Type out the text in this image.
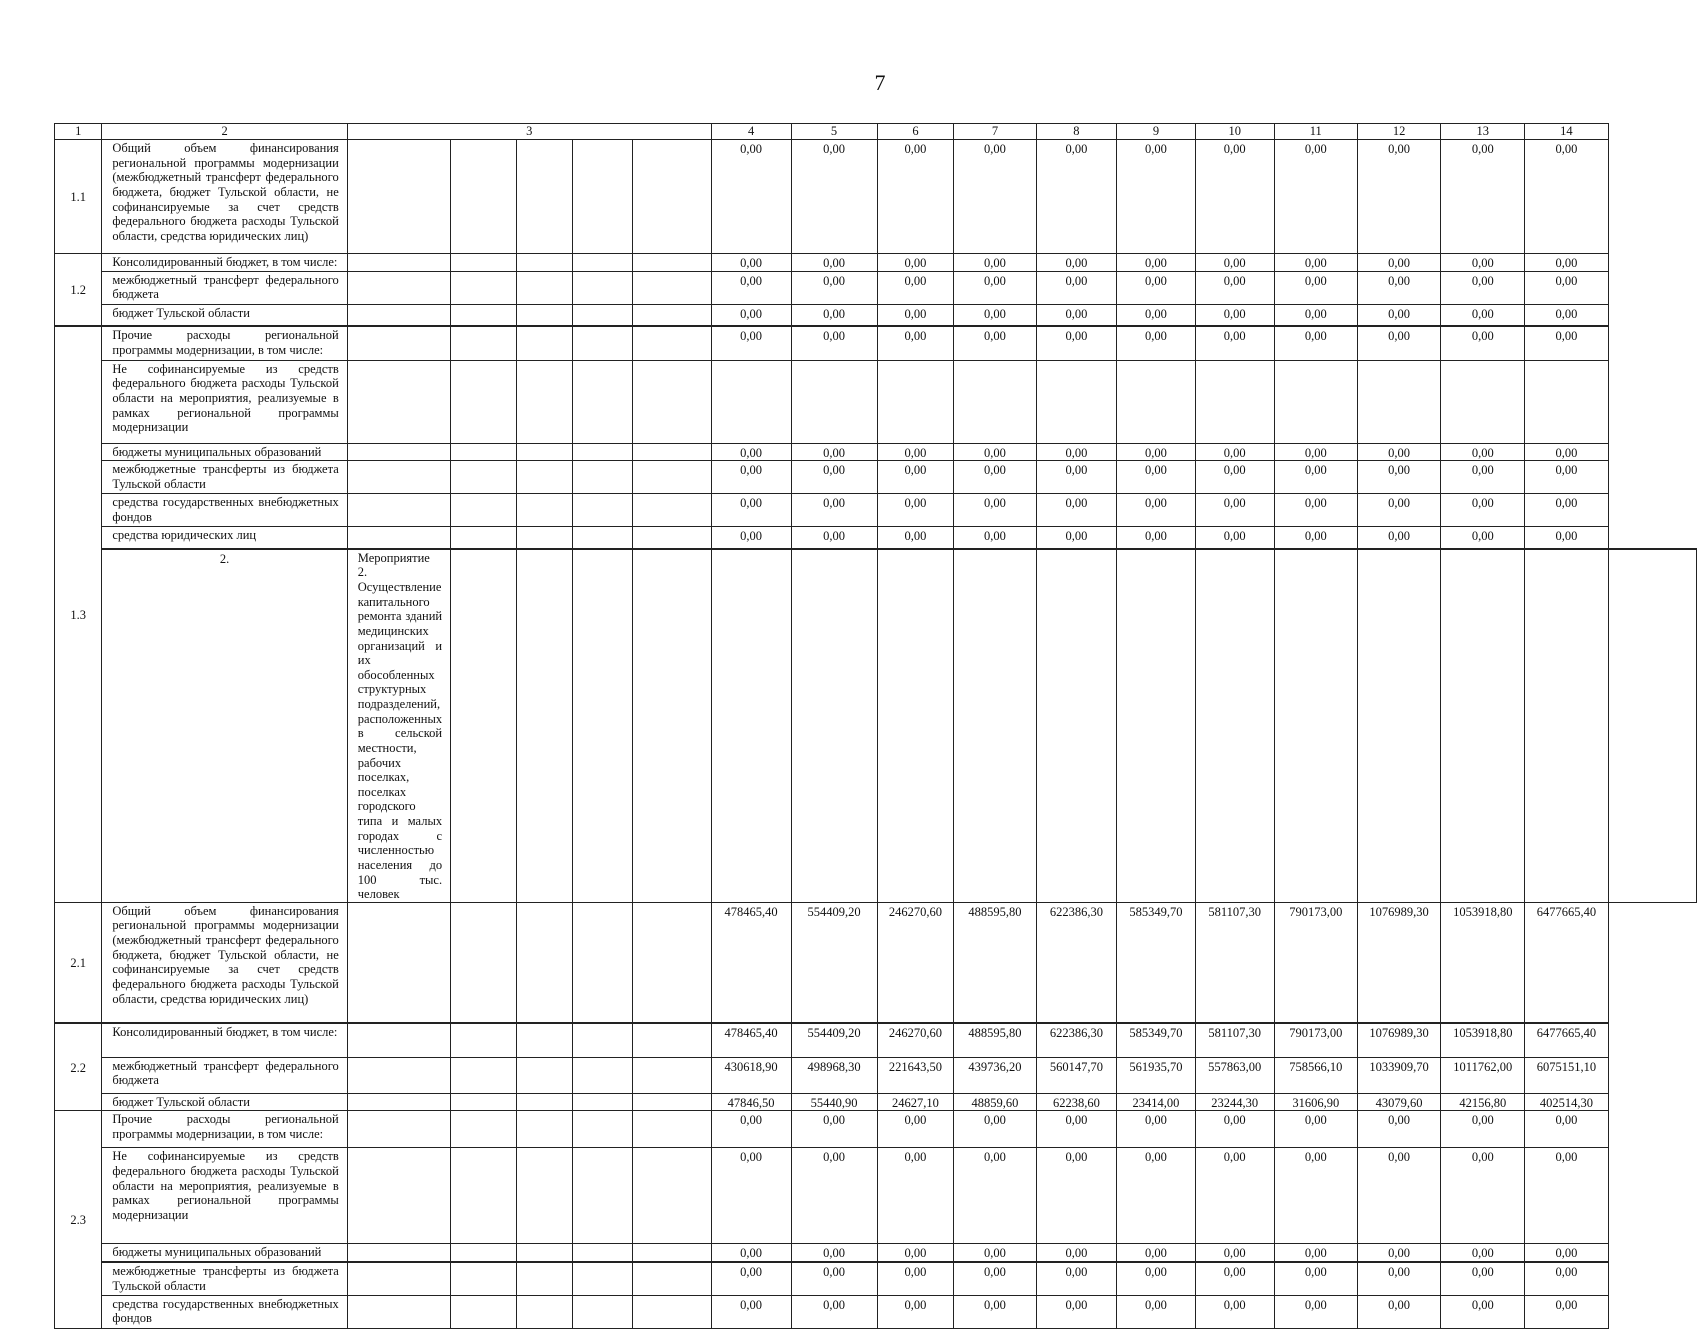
7
1	2	3					4	5	6	7	8	9	10	11	12	13	14	
1.1	Общий объем финансирования региональной программы модернизации (межбюджетный трансферт федерального бюджета, бюджет Тульской области, не софинансируемые за счет средств федерального бюджета расходы Тульской области, средства юридических лиц)						0,00	0,00	0,00	0,00	0,00	0,00	0,00	0,00	0,00	0,00	0,00	
1.2	Консолидированный бюджет, в том числе:						0,00	0,00	0,00	0,00	0,00	0,00	0,00	0,00	0,00	0,00	0,00	
	межбюджетный трансферт федерального бюджета						0,00	0,00	0,00	0,00	0,00	0,00	0,00	0,00	0,00	0,00	0,00	
	бюджет Тульской области						0,00	0,00	0,00	0,00	0,00	0,00	0,00	0,00	0,00	0,00	0,00	
1.3	Прочие расходы региональной программы модернизации, в том числе:						0,00	0,00	0,00	0,00	0,00	0,00	0,00	0,00	0,00	0,00	0,00	
	Не софинансируемые из средств федерального бюджета расходы Тульской области на мероприятия, реализуемые в рамках региональной программы модернизации																	
	бюджеты муниципальных образований						0,00	0,00	0,00	0,00	0,00	0,00	0,00	0,00	0,00	0,00	0,00	
	межбюджетные трансферты из бюджета Тульской области						0,00	0,00	0,00	0,00	0,00	0,00	0,00	0,00	0,00	0,00	0,00	
	средства государственных внебюджетных фондов						0,00	0,00	0,00	0,00	0,00	0,00	0,00	0,00	0,00	0,00	0,00	
	средства юридических лиц						0,00	0,00	0,00	0,00	0,00	0,00	0,00	0,00	0,00	0,00	0,00	
	2.	Мероприятие 2. Осуществление капитального ремонта зданий медицинских организаций и их обособленных структурных подразделений, расположенных в сельской местности, рабочих поселках, поселках городского типа и малых городах с численностью населения до 100 тыс. человек																
2.1	Общий объем финансирования региональной программы модернизации (межбюджетный трансферт федерального бюджета, бюджет Тульской области, не софинансируемые за счет средств федерального бюджета расходы Тульской области, средства юридических лиц)						478465,40	554409,20	246270,60	488595,80	622386,30	585349,70	581107,30	790173,00	1076989,30	1053918,80	6477665,40	
2.2	Консолидированный бюджет, в том числе:						478465,40	554409,20	246270,60	488595,80	622386,30	585349,70	581107,30	790173,00	1076989,30	1053918,80	6477665,40	
	межбюджетный трансферт федерального бюджета						430618,90	498968,30	221643,50	439736,20	560147,70	561935,70	557863,00	758566,10	1033909,70	1011762,00	6075151,10	
	бюджет Тульской области						47846,50	55440,90	24627,10	48859,60	62238,60	23414,00	23244,30	31606,90	43079,60	42156,80	402514,30	
2.3	Прочие расходы региональной программы модернизации, в том числе:						0,00	0,00	0,00	0,00	0,00	0,00	0,00	0,00	0,00	0,00	0,00	
	Не софинансируемые из средств федерального бюджета расходы Тульской области на мероприятия, реализуемые в рамках региональной программы модернизации						0,00	0,00	0,00	0,00	0,00	0,00	0,00	0,00	0,00	0,00	0,00	
	бюджеты муниципальных образований						0,00	0,00	0,00	0,00	0,00	0,00	0,00	0,00	0,00	0,00	0,00	
	межбюджетные трансферты из бюджета Тульской области						0,00	0,00	0,00	0,00	0,00	0,00	0,00	0,00	0,00	0,00	0,00	
	средства государственных внебюджетных фондов						0,00	0,00	0,00	0,00	0,00	0,00	0,00	0,00	0,00	0,00	0,00	
